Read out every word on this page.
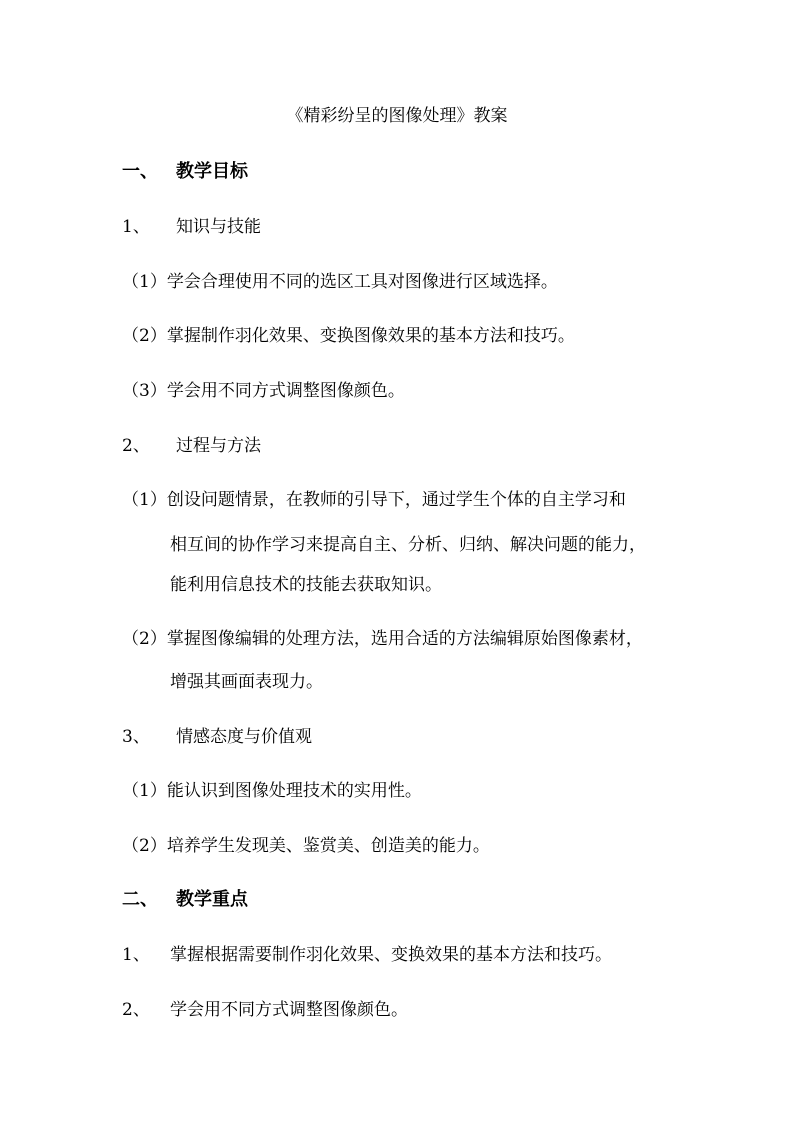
《精彩纷呈的图像处理》教案
一、 教学目标
1、 知识与技能
（1）学会合理使用不同的选区工具对图像进行区域选择。
（2）掌握制作羽化效果、变换图像效果的基本方法和技巧。
（3）学会用不同方式调整图像颜色。
2、 过程与方法
（1）创设问题情景，在教师的引导下，通过学生个体的自主学习和
相互间的协作学习来提高自主、分析、归纳、解决问题的能力，
能利用信息技术的技能去获取知识。
（2）掌握图像编辑的处理方法，选用合适的方法编辑原始图像素材，
增强其画面表现力。
3、 情感态度与价值观
（1）能认识到图像处理技术的实用性。
（2）培养学生发现美、鉴赏美、创造美的能力。
二、 教学重点
1、 掌握根据需要制作羽化效果、变换效果的基本方法和技巧。
2、 学会用不同方式调整图像颜色。
